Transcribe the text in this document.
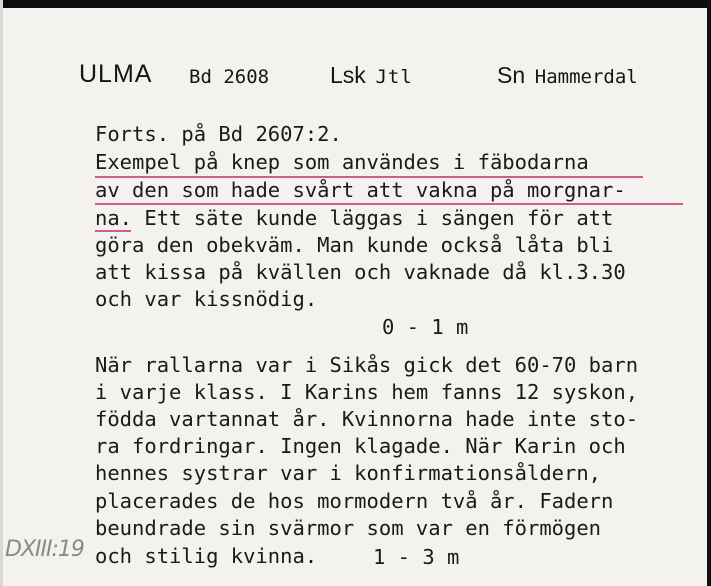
ULMA Bd 2608	Lsk Jtl	Sn Hammerdal
Forts. på Bd 2607:2.
Exempel på knep som användes i fäbodarna
av den som hade svårt att vakna på morgnar-
na. Ett säte kunde läggas i sängen för att
göra den obekväm. Man kunde också låta bli
att kissa på kvällen och vaknade då kl.3.30
och var kissnödig.
0 - 1 m
När rallarna var i Sikås gick det 60-70 barn
i varje klass. I Karins hem fanns 12 syskon,
födda vartannat år. Kvinnorna hade inte sto-
ra fordringar. Ingen klagade. När Karin och
hennes systrar var i konfirmationsåldern,
placerades de hos mormodern två år. Fadern
beundrade sin svärmor som var en förmögen
och stilig kvinna.	1 - 3 m
DXIII:19
